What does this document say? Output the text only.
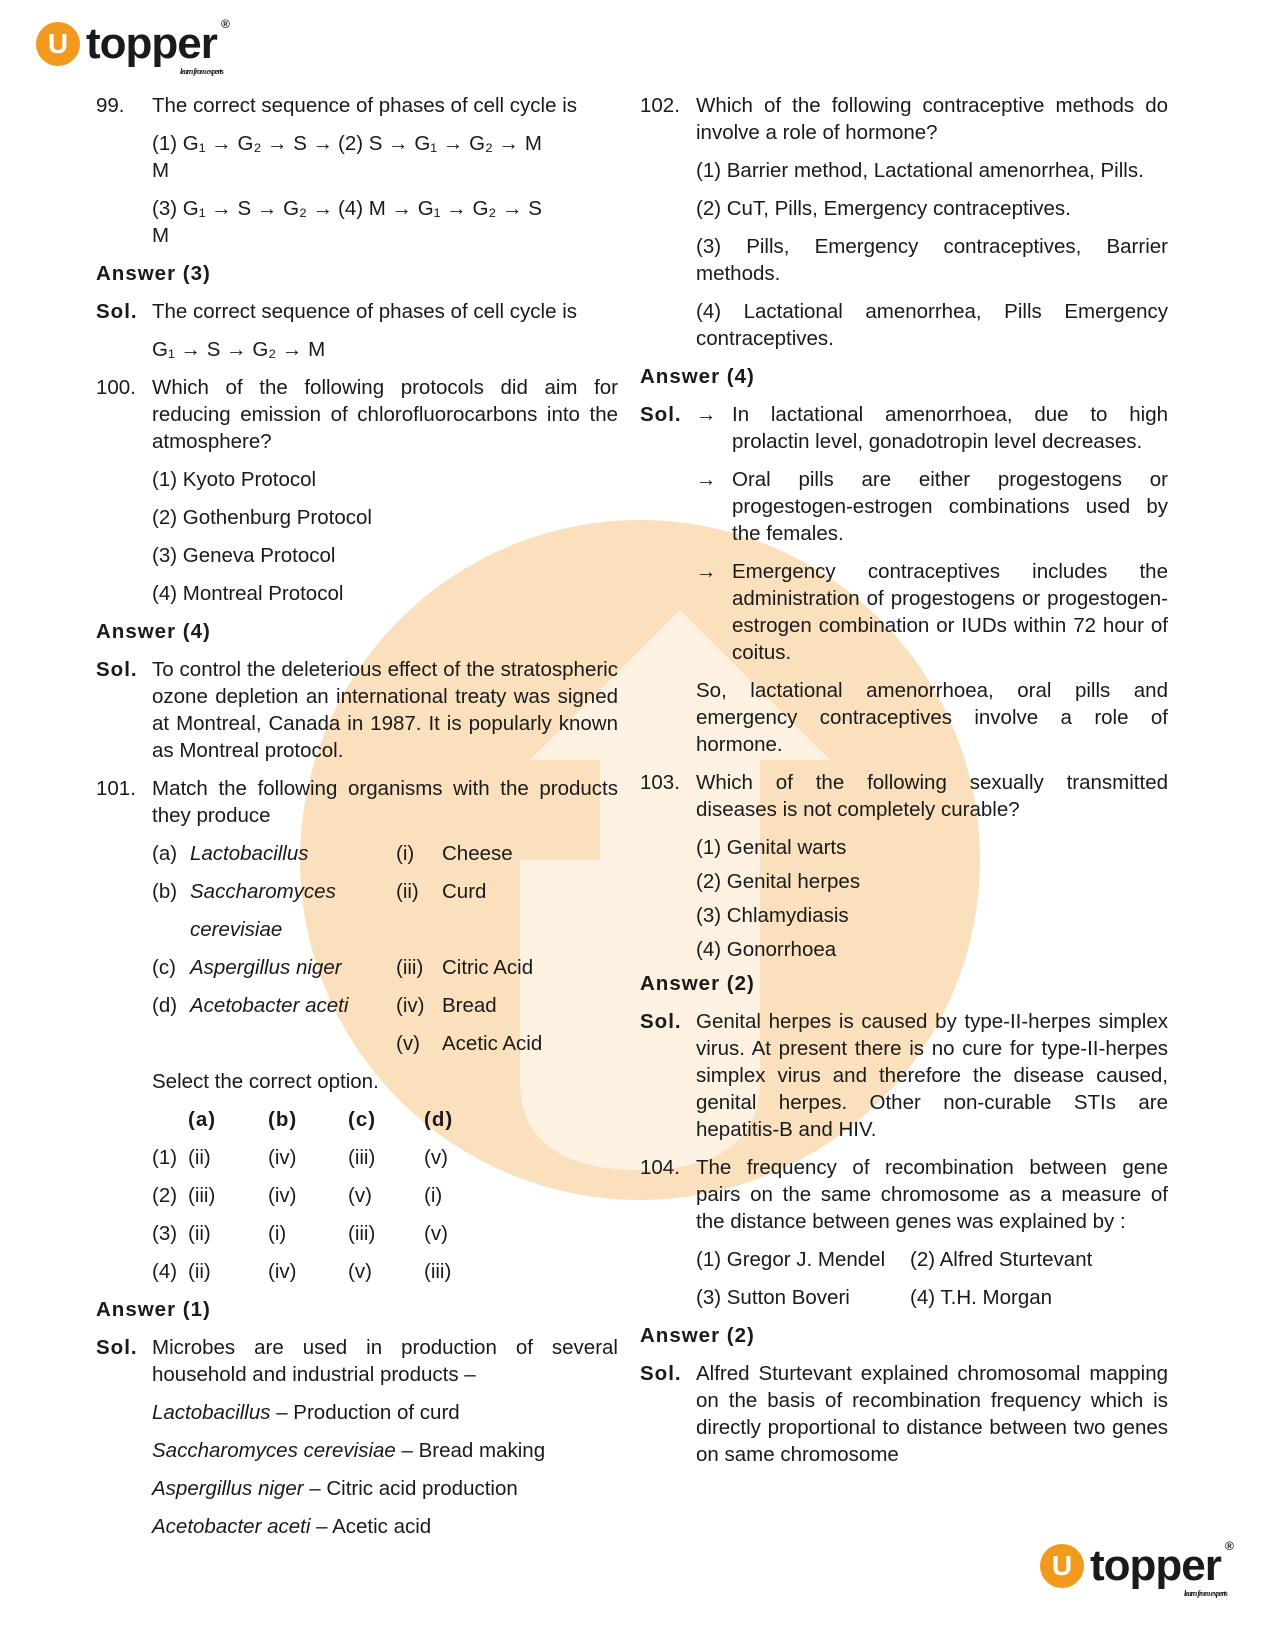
U topper ®
learn from experts
99. The correct sequence of phases of cell cycle is
(1) G₁ → G₂ → S → M
(2) S → G₁ → G₂ → M
(3) G₁ → S → G₂ → M
(4) M → G₁ → G₂ → S
Answer (3)
Sol. The correct sequence of phases of cell cycle is
G₁ → S → G₂ → M
100. Which of the following protocols did aim for reducing emission of chlorofluorocarbons into the atmosphere?
(1) Kyoto Protocol
(2) Gothenburg Protocol
(3) Geneva Protocol
(4) Montreal Protocol
Answer (4)
Sol. To control the deleterious effect of the stratospheric ozone depletion an international treaty was signed at Montreal, Canada in 1987. It is popularly known as Montreal protocol.
101. Match the following organisms with the products they produce
(a) Lactobacillus	(i)	Cheese
(b) Saccharomyces	(ii)	Curd
cerevisiae
(c) Aspergillus niger	(iii) Citric Acid
(d) Acetobacter aceti (iv) Bread
(v)	Acetic Acid
Select the correct option.
(a)	(b)	(c)	(d)
(1) (ii)	(iv)	(iii)	(v)
(2) (iii)	(iv)	(v)	(i)
(3) (ii)	(i)	(iii)	(v)
(4) (ii)	(iv)	(v)	(iii)
Answer (1)
Sol. Microbes are used in production of several household and industrial products –
Lactobacillus – Production of curd
Saccharomyces cerevisiae – Bread making
Aspergillus niger – Citric acid production
Acetobacter aceti – Acetic acid
102. Which of the following contraceptive methods do involve a role of hormone?
(1) Barrier method, Lactational amenorrhea, Pills.
(2) CuT, Pills, Emergency contraceptives.
(3) Pills, Emergency contraceptives, Barrier methods.
(4) Lactational amenorrhea, Pills Emergency contraceptives.
Answer (4)
Sol. → In lactational amenorrhoea, due to high prolactin level, gonadotropin level decreases.
→ Oral pills are either progestogens or progestogen-estrogen combinations used by the females.
→ Emergency contraceptives includes the administration of progestogens or progestogen-estrogen combination or IUDs within 72 hour of coitus.
So, lactational amenorrhoea, oral pills and emergency contraceptives involve a role of hormone.
103. Which of the following sexually transmitted diseases is not completely curable?
(1) Genital warts
(2) Genital herpes
(3) Chlamydiasis
(4) Gonorrhoea
Answer (2)
Sol. Genital herpes is caused by type-II-herpes simplex virus. At present there is no cure for type-II-herpes simplex virus and therefore the disease caused, genital herpes. Other non-curable STIs are hepatitis-B and HIV.
104. The frequency of recombination between gene pairs on the same chromosome as a measure of the distance between genes was explained by :
(1) Gregor J. Mendel	(2) Alfred Sturtevant
(3) Sutton Boveri	(4) T.H. Morgan
Answer (2)
Sol. Alfred Sturtevant explained chromosomal mapping on the basis of recombination frequency which is directly proportional to distance between two genes on same chromosome
U topper ®
learn from experts
